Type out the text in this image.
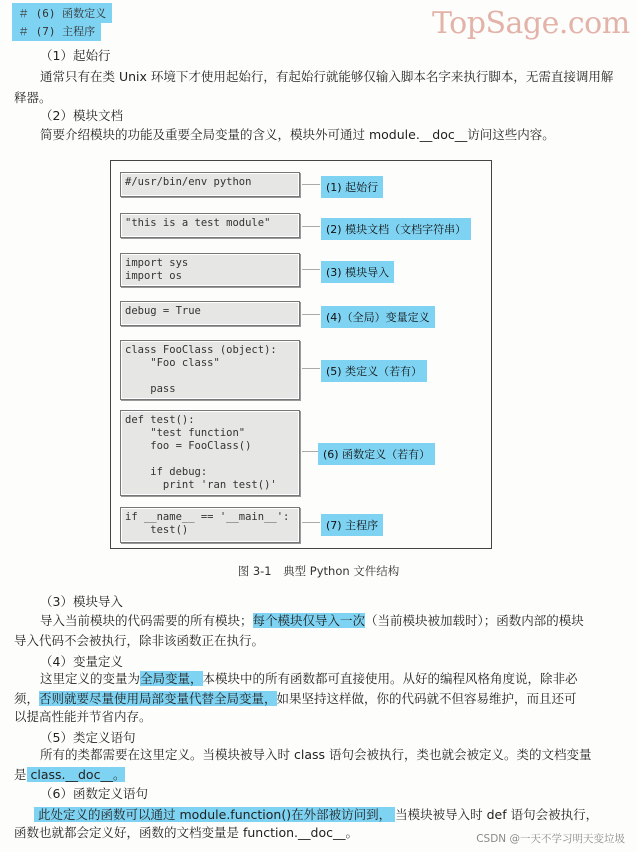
＃ (6) 函数定义
＃ (7) 主程序	TopSage.com
（1）起始行
通常只有在类 Unix 环境下才使用起始行，有起始行就能够仅输入脚本名字来执行脚本，无需直接调用解释器。
（2）模块文档
简要介绍模块的功能及重要全局变量的含义，模块外可通过 module.__doc__访问这些内容。
#/usr/bin/env python
"this is a test module"
import sys
import os
debug = True
class FooClass (object):
"Foo class"

pass
def test():
"test function"
foo = FooClass()

if debug:
print 'ran test()'
if __name__ == '__main__':
test()
(1) 起始行
(2) 模块文档（文档字符串）
(3) 模块导入
(4)（全局）变量定义
(5) 类定义（若有）
(6) 函数定义（若有）
(7) 主程序
图 3-1　典型 Python 文件结构
（3）模块导入
导入当前模块的代码需要的所有模块；每个模块仅导入一次（当前模块被加载时）；函数内部的模块
导入代码不会被执行，除非该函数正在执行。
（4）变量定义
这里定义的变量为全局变量，本模块中的所有函数都可直接使用。从好的编程风格角度说，除非必
须，否则就要尽量使用局部变量代替全局变量，如果坚持这样做，你的代码就不但容易维护，而且还可
以提高性能并节省内存。
（5）类定义语句
所有的类都需要在这里定义。当模块被导入时 class 语句会被执行，类也就会被定义。类的文档变量
是 class.__doc__。
（6）函数定义语句
此处定义的函数可以通过 module.function()在外部被访问到， 当模块被导入时 def 语句会被执行，
函数也就都会定义好，函数的文档变量是 function.__doc__。	CSDN @一天不学习明天变垃圾
